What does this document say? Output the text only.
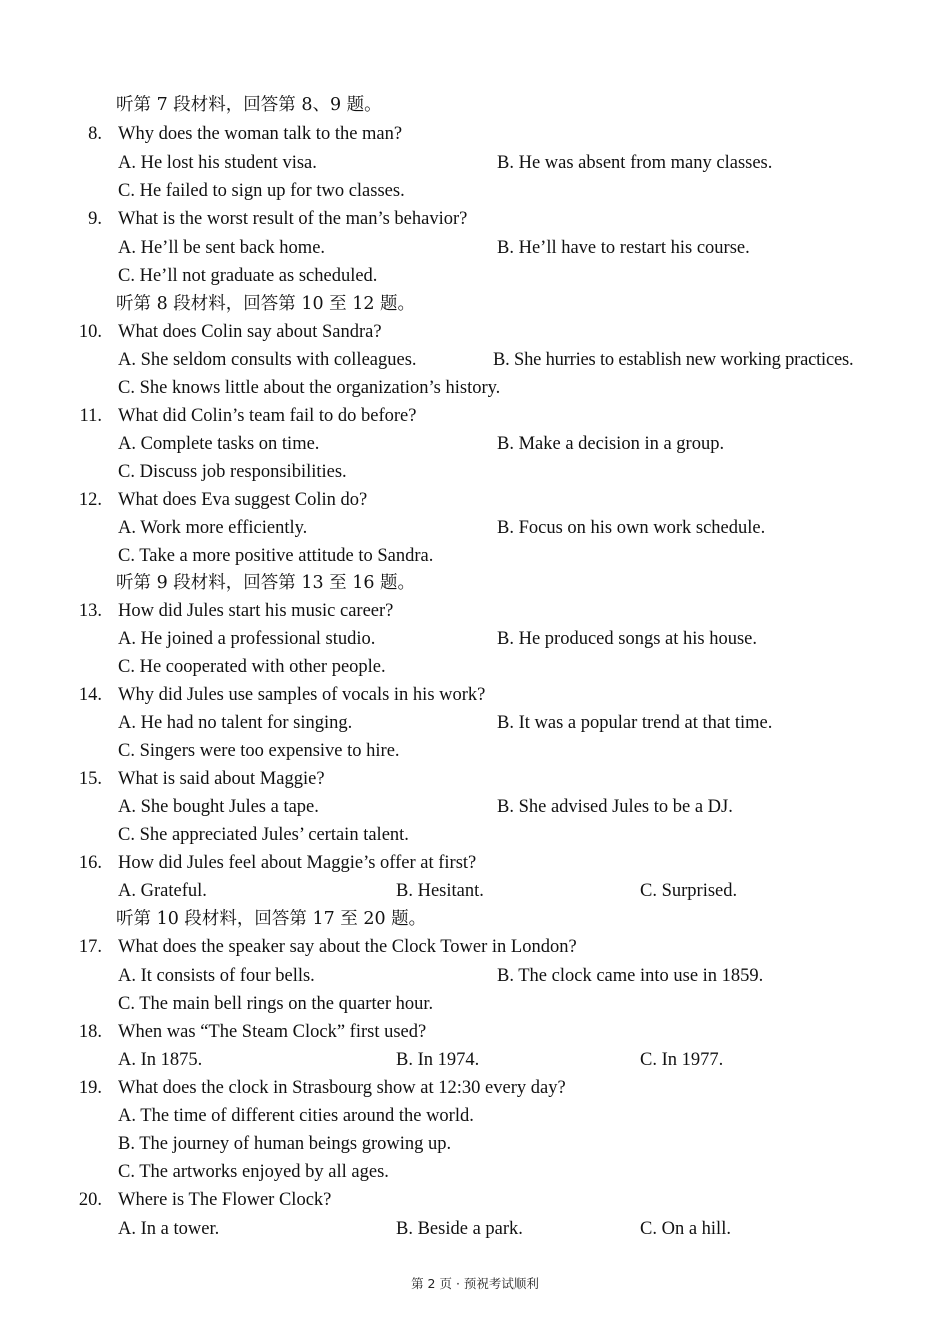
听第 7 段材料，回答第 8、9 题。
8. Why does the woman talk to the man?
A. He lost his student visa.	B. He was absent from many classes.
C. He failed to sign up for two classes.
9. What is the worst result of the man’s behavior?
A. He’ll be sent back home.	B. He’ll have to restart his course.
C. He’ll not graduate as scheduled.
听第 8 段材料，回答第 10 至 12 题。
10. What does Colin say about Sandra?
A. She seldom consults with colleagues.	B. She hurries to establish new working practices.
C. She knows little about the organization’s history.
11. What did Colin’s team fail to do before?
A. Complete tasks on time.	B. Make a decision in a group.
C. Discuss job responsibilities.
12. What does Eva suggest Colin do?
A. Work more efficiently.	B. Focus on his own work schedule.
C. Take a more positive attitude to Sandra.
听第 9 段材料，回答第 13 至 16 题。
13. How did Jules start his music career?
A. He joined a professional studio.	B. He produced songs at his house.
C. He cooperated with other people.
14. Why did Jules use samples of vocals in his work?
A. He had no talent for singing.	B. It was a popular trend at that time.
C. Singers were too expensive to hire.
15. What is said about Maggie?
A. She bought Jules a tape.	B. She advised Jules to be a DJ.
C. She appreciated Jules’ certain talent.
16. How did Jules feel about Maggie’s offer at first?
A. Grateful.	B. Hesitant.	C. Surprised.
听第 10 段材料，回答第 17 至 20 题。
17. What does the speaker say about the Clock Tower in London?
A. It consists of four bells.	B. The clock came into use in 1859.
C. The main bell rings on the quarter hour.
18. When was “The Steam Clock” first used?
A. In 1875.	B. In 1974.	C. In 1977.
19. What does the clock in Strasbourg show at 12:30 every day?
A. The time of different cities around the world.
B. The journey of human beings growing up.
C. The artworks enjoyed by all ages.
20. Where is The Flower Clock?
A. In a tower.	B. Beside a park.	C. On a hill.
第 2 页 · 预祝考试顺利
